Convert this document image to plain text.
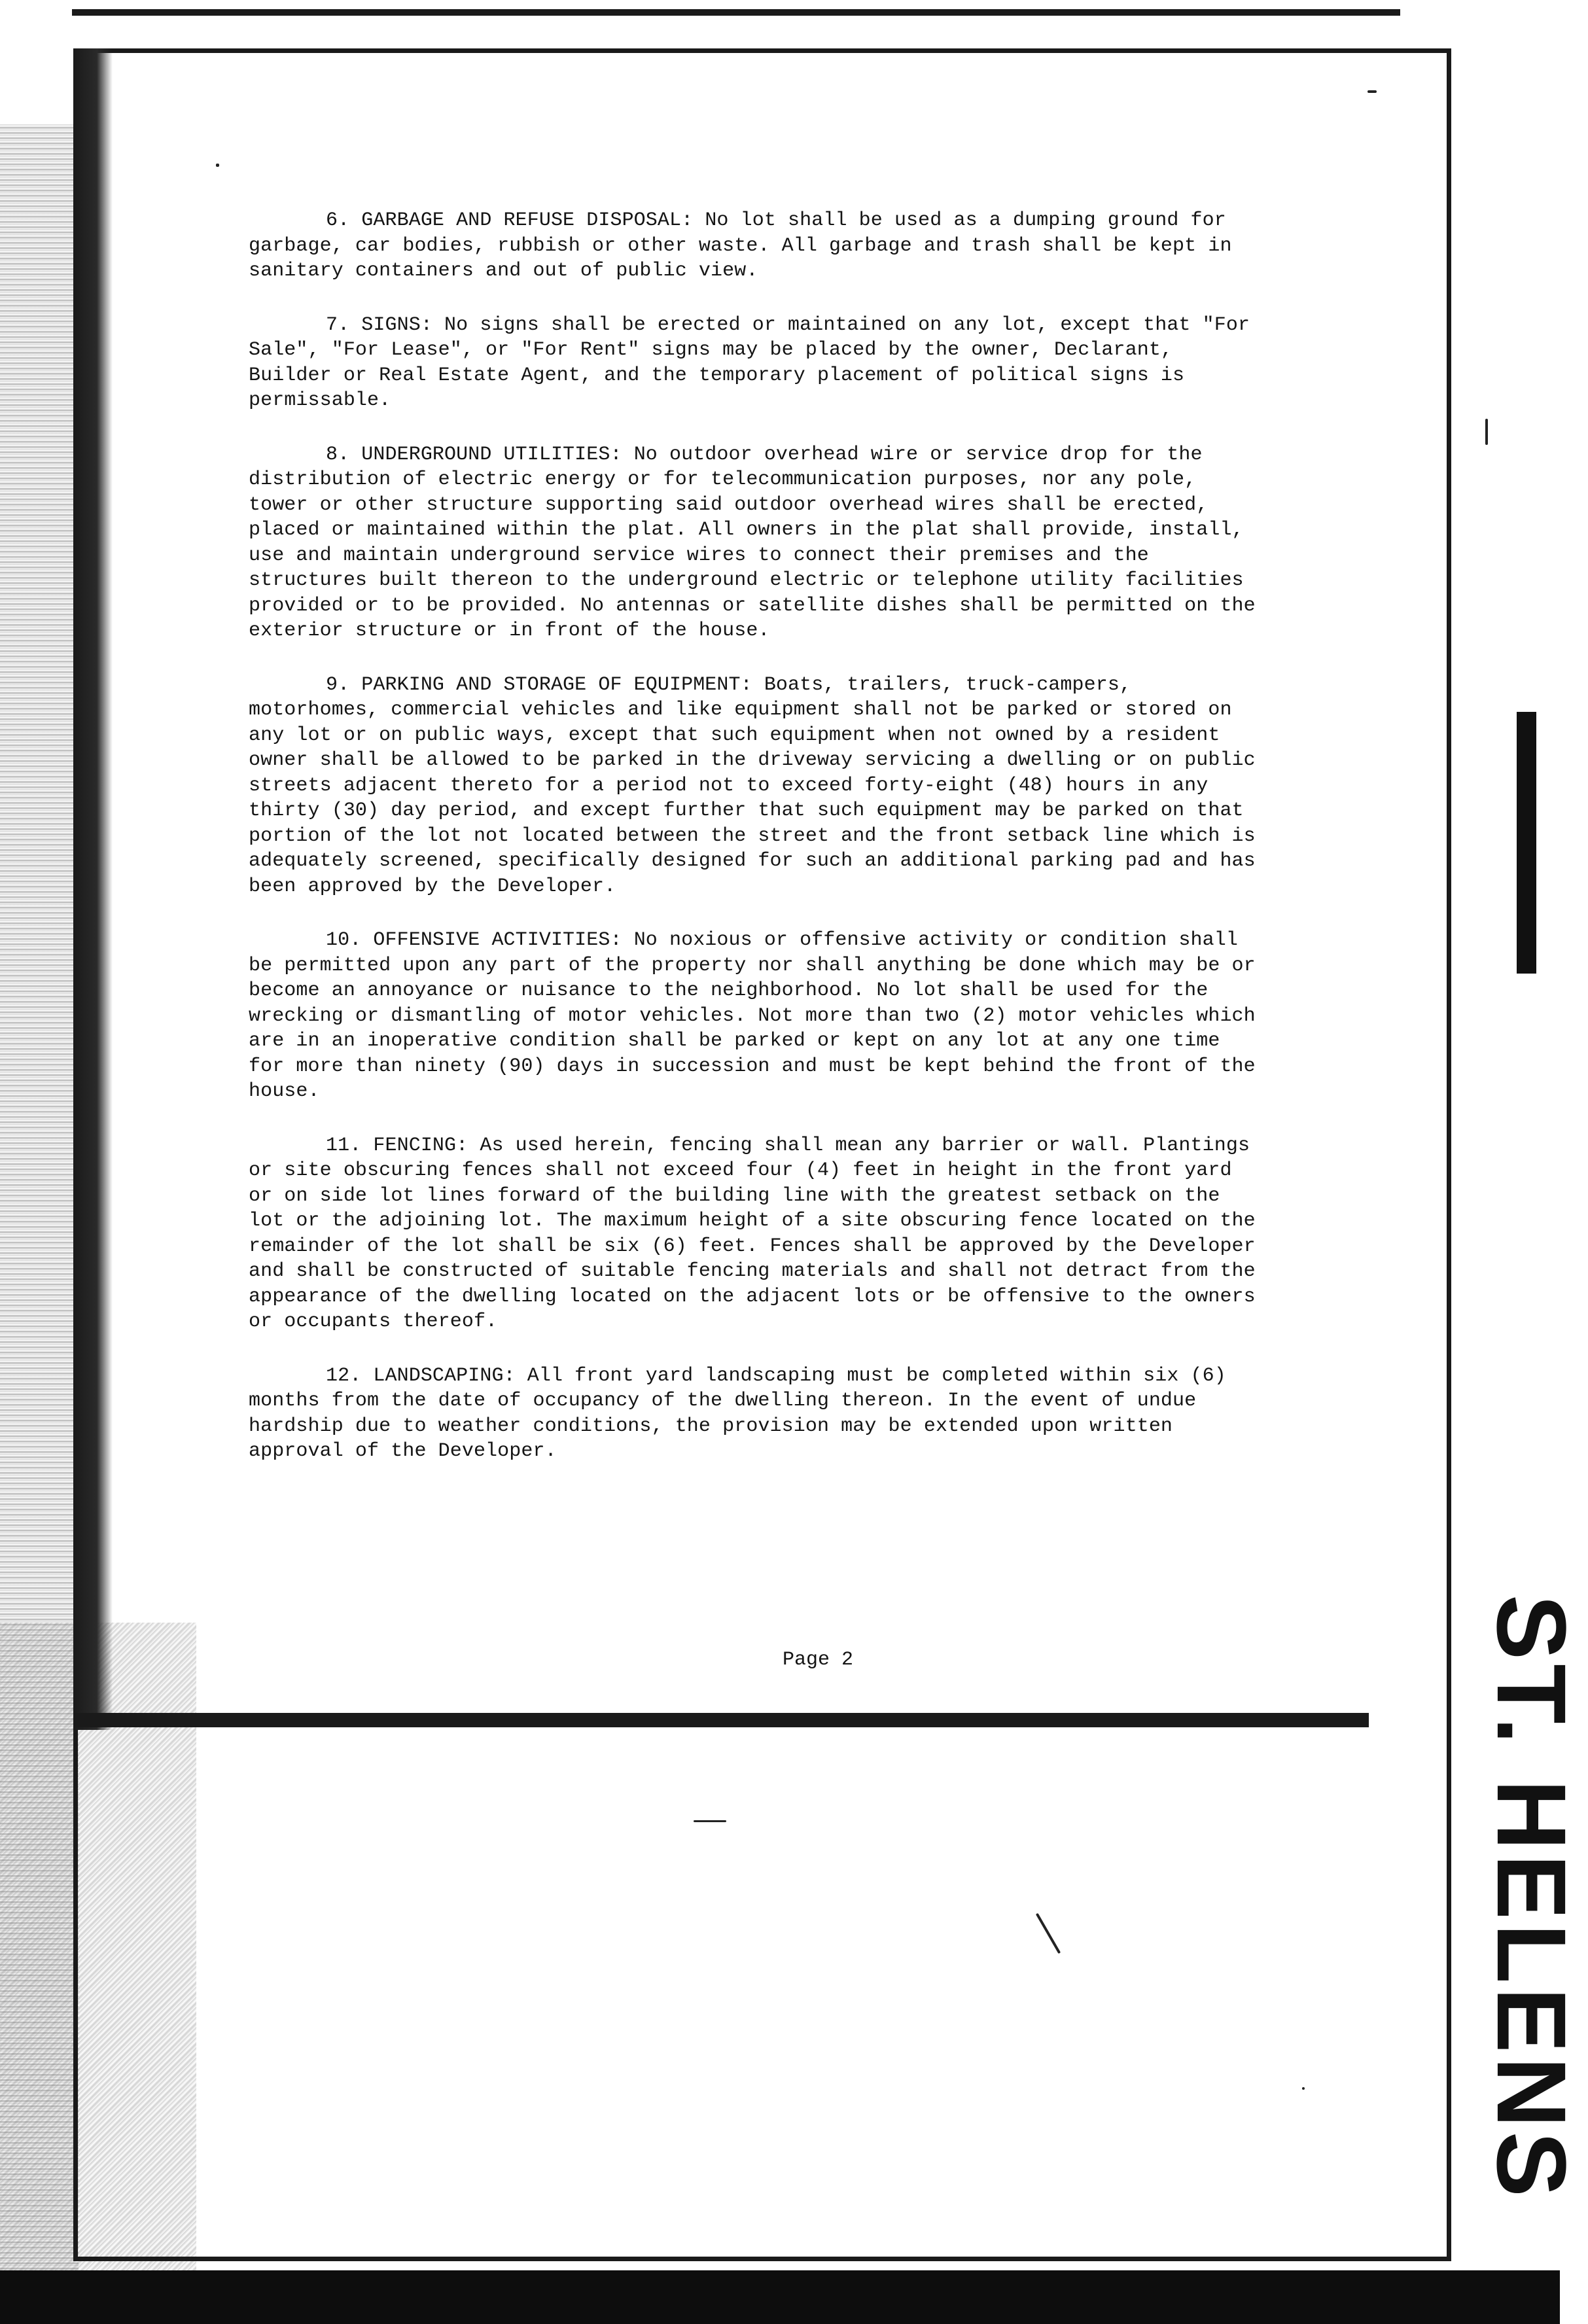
6. GARBAGE AND REFUSE DISPOSAL: No lot shall be used as a dumping ground for garbage, car bodies, rubbish or other waste. All garbage and trash shall be kept in sanitary containers and out of public view.

7. SIGNS: No signs shall be erected or maintained on any lot, except that "For Sale", "For Lease", or "For Rent" signs may be placed by the owner, Declarant, Builder or Real Estate Agent, and the temporary placement of political signs is permissable.

8. UNDERGROUND UTILITIES: No outdoor overhead wire or service drop for the distribution of electric energy or for telecommunication purposes, nor any pole, tower or other structure supporting said outdoor overhead wires shall be erected, placed or maintained within the plat. All owners in the plat shall provide, install, use and maintain underground service wires to connect their premises and the structures built thereon to the underground electric or telephone utility facilities provided or to be provided. No antennas or satellite dishes shall be permitted on the exterior structure or in front of the house.

9. PARKING AND STORAGE OF EQUIPMENT: Boats, trailers, truck-campers, motorhomes, commercial vehicles and like equipment shall not be parked or stored on any lot or on public ways, except that such equipment when not owned by a resident owner shall be allowed to be parked in the driveway servicing a dwelling or on public streets adjacent thereto for a period not to exceed forty-eight (48) hours in any thirty (30) day period, and except further that such equipment may be parked on that portion of the lot not located between the street and the front setback line which is adequately screened, specifically designed for such an additional parking pad and has been approved by the Developer.

10. OFFENSIVE ACTIVITIES: No noxious or offensive activity or condition shall be permitted upon any part of the property nor shall anything be done which may be or become an annoyance or nuisance to the neighborhood. No lot shall be used for the wrecking or dismantling of motor vehicles. Not more than two (2) motor vehicles which are in an inoperative condition shall be parked or kept on any lot at any one time for more than ninety (90) days in succession and must be kept behind the front of the house.

11. FENCING: As used herein, fencing shall mean any barrier or wall. Plantings or site obscuring fences shall not exceed four (4) feet in height in the front yard or on side lot lines forward of the building line with the greatest setback on the lot or the adjoining lot. The maximum height of a site obscuring fence located on the remainder of the lot shall be six (6) feet. Fences shall be approved by the Developer and shall be constructed of suitable fencing materials and shall not detract from the appearance of the dwelling located on the adjacent lots or be offensive to the owners or occupants thereof.

12. LANDSCAPING: All front yard landscaping must be completed within six (6) months from the date of occupancy of the dwelling thereon. In the event of undue hardship due to weather conditions, the provision may be extended upon written approval of the Developer.

Page 2	ST. HELENS
